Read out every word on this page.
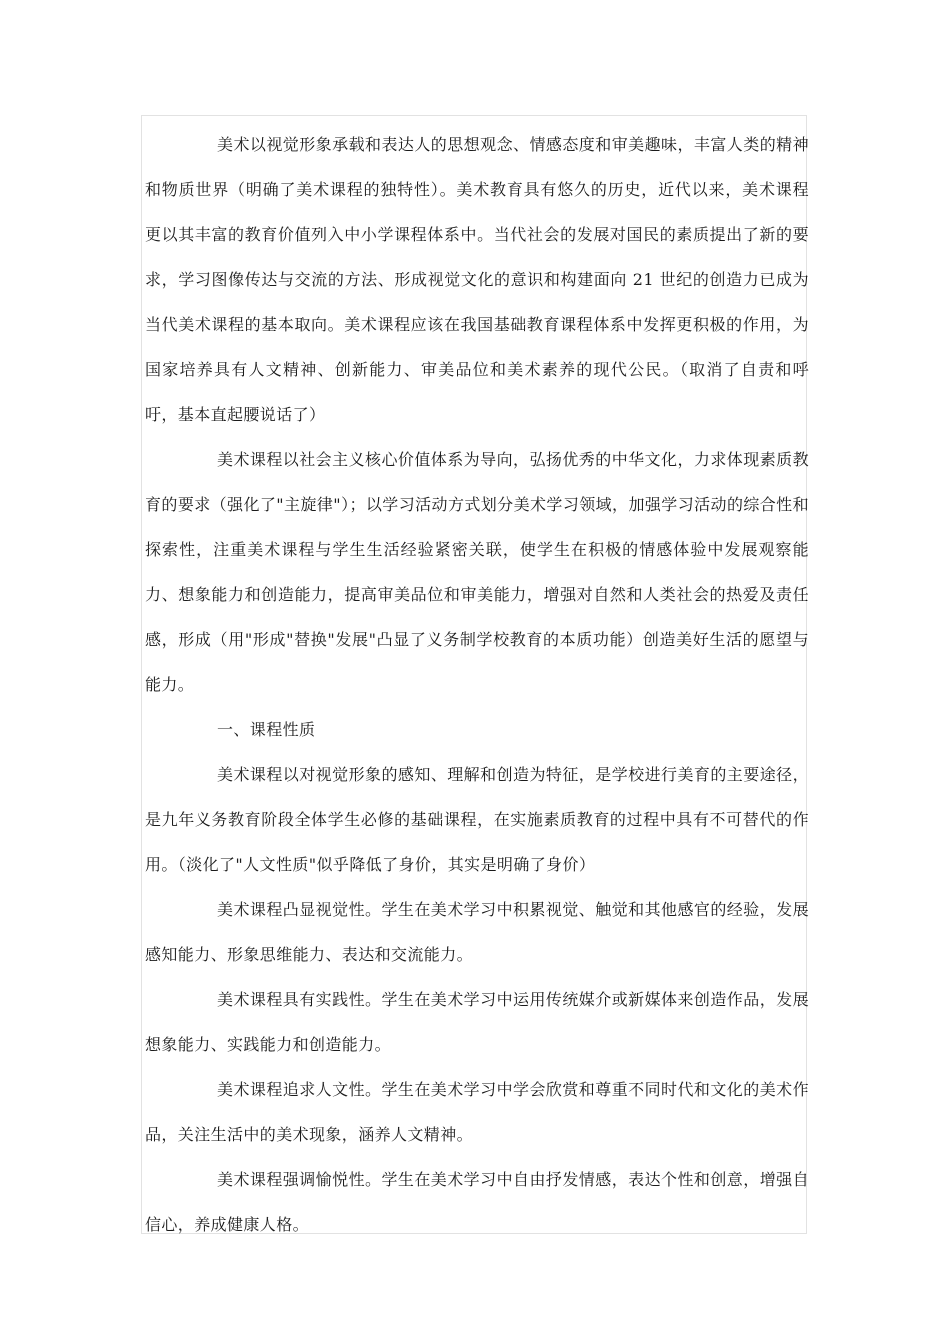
美术以视觉形象承载和表达人的思想观念、情感态度和审美趣味，丰富人类的精神和物质世界（明确了美术课程的独特性）。美术教育具有悠久的历史，近代以来，美术课程更以其丰富的教育价值列入中小学课程体系中。当代社会的发展对国民的素质提出了新的要求，学习图像传达与交流的方法、形成视觉文化的意识和构建面向 21 世纪的创造力已成为当代美术课程的基本取向。美术课程应该在我国基础教育课程体系中发挥更积极的作用，为国家培养具有人文精神、创新能力、审美品位和美术素养的现代公民。（取消了自责和呼吁，基本直起腰说话了）

美术课程以社会主义核心价值体系为导向，弘扬优秀的中华文化，力求体现素质教育的要求（强化了"主旋律"）；以学习活动方式划分美术学习领域，加强学习活动的综合性和探索性，注重美术课程与学生生活经验紧密关联，使学生在积极的情感体验中发展观察能力、想象能力和创造能力，提高审美品位和审美能力，增强对自然和人类社会的热爱及责任感，形成（用"形成"替换"发展"凸显了义务制学校教育的本质功能）创造美好生活的愿望与能力。

一、课程性质

美术课程以对视觉形象的感知、理解和创造为特征，是学校进行美育的主要途径，是九年义务教育阶段全体学生必修的基础课程，在实施素质教育的过程中具有不可替代的作用。（淡化了"人文性质"似乎降低了身价，其实是明确了身价）

美术课程凸显视觉性。学生在美术学习中积累视觉、触觉和其他感官的经验，发展感知能力、形象思维能力、表达和交流能力。

美术课程具有实践性。学生在美术学习中运用传统媒介或新媒体来创造作品，发展想象能力、实践能力和创造能力。

美术课程追求人文性。学生在美术学习中学会欣赏和尊重不同时代和文化的美术作品，关注生活中的美术现象，涵养人文精神。

美术课程强调愉悦性。学生在美术学习中自由抒发情感，表达个性和创意，增强自信心，养成健康人格。
